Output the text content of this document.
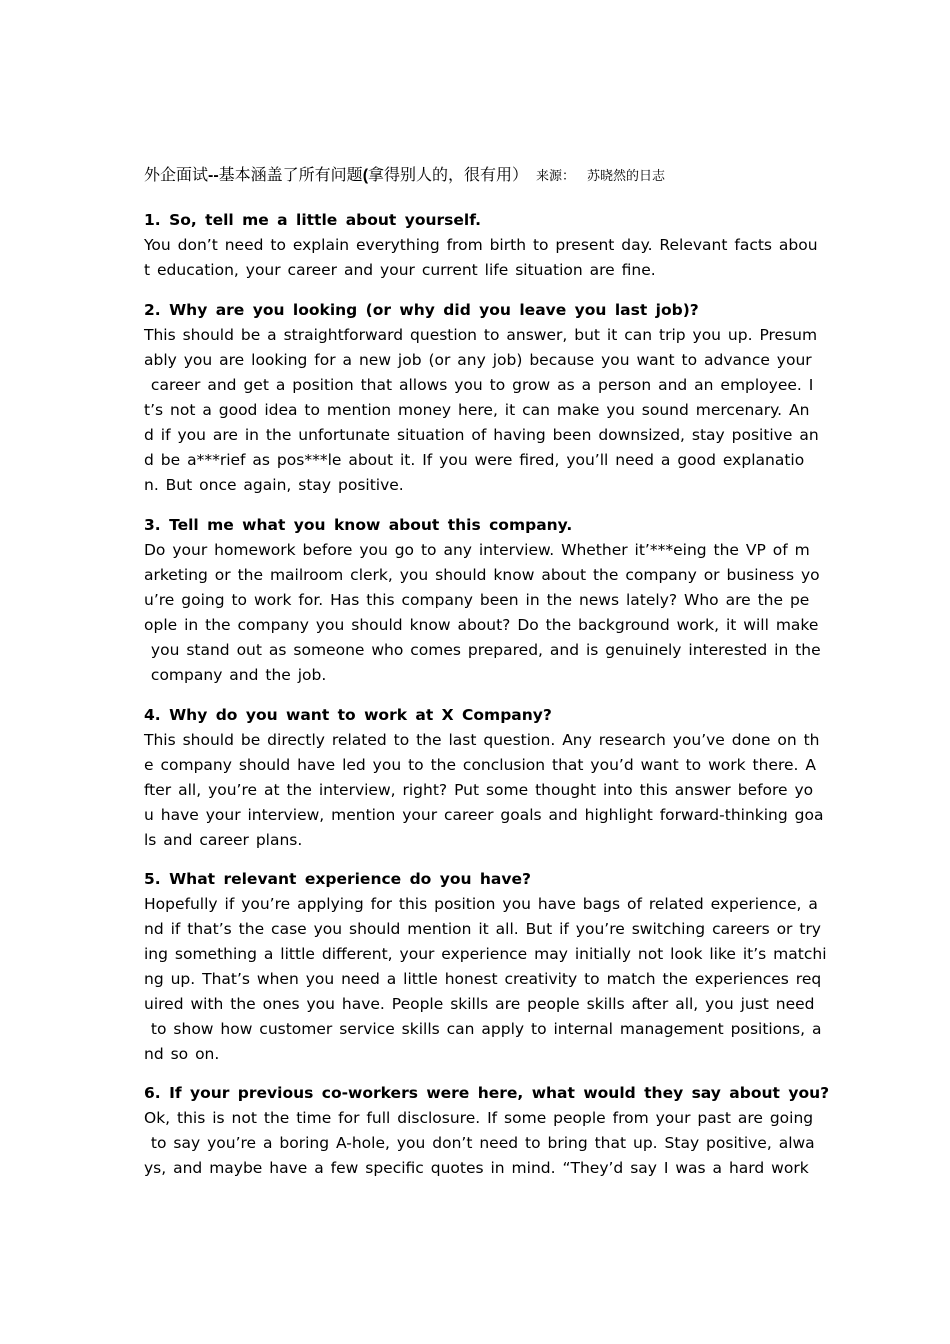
外企面试--基本涵盖了所有问题(拿得别人的，很有用） 来源： 苏晓然的日志
1. So, tell me a little about yourself.
You don’t need to explain everything from birth to present day. Relevant facts abou
t education, your career and your current life situation are fine.
2. Why are you looking (or why did you leave you last job)?
This should be a straightforward question to answer, but it can trip you up. Presum
ably you are looking for a new job (or any job) because you want to advance your
career and get a position that allows you to grow as a person and an employee. I
t’s not a good idea to mention money here, it can make you sound mercenary. An
d if you are in the unfortunate situation of having been downsized, stay positive an
d be a***rief as pos***le about it. If you were fired, you’ll need a good explanatio
n. But once again, stay positive.
3. Tell me what you know about this company.
Do your homework before you go to any interview. Whether it’***eing the VP of m
arketing or the mailroom clerk, you should know about the company or business yo
u’re going to work for. Has this company been in the news lately? Who are the pe
ople in the company you should know about? Do the background work, it will make
you stand out as someone who comes prepared, and is genuinely interested in the
company and the job.
4. Why do you want to work at X Company?
This should be directly related to the last question. Any research you’ve done on th
e company should have led you to the conclusion that you’d want to work there. A
fter all, you’re at the interview, right? Put some thought into this answer before yo
u have your interview, mention your career goals and highlight forward-thinking goa
ls and career plans.
5. What relevant experience do you have?
Hopefully if you’re applying for this position you have bags of related experience, a
nd if that’s the case you should mention it all. But if you’re switching careers or try
ing something a little different, your experience may initially not look like it’s matchi
ng up. That’s when you need a little honest creativity to match the experiences req
uired with the ones you have. People skills are people skills after all, you just need
to show how customer service skills can apply to internal management positions, a
nd so on.
6. If your previous co-workers were here, what would they say about you?
Ok, this is not the time for full disclosure. If some people from your past are going
to say you’re a boring A-hole, you don’t need to bring that up. Stay positive, alwa
ys, and maybe have a few specific quotes in mind. “They’d say I was a hard work
